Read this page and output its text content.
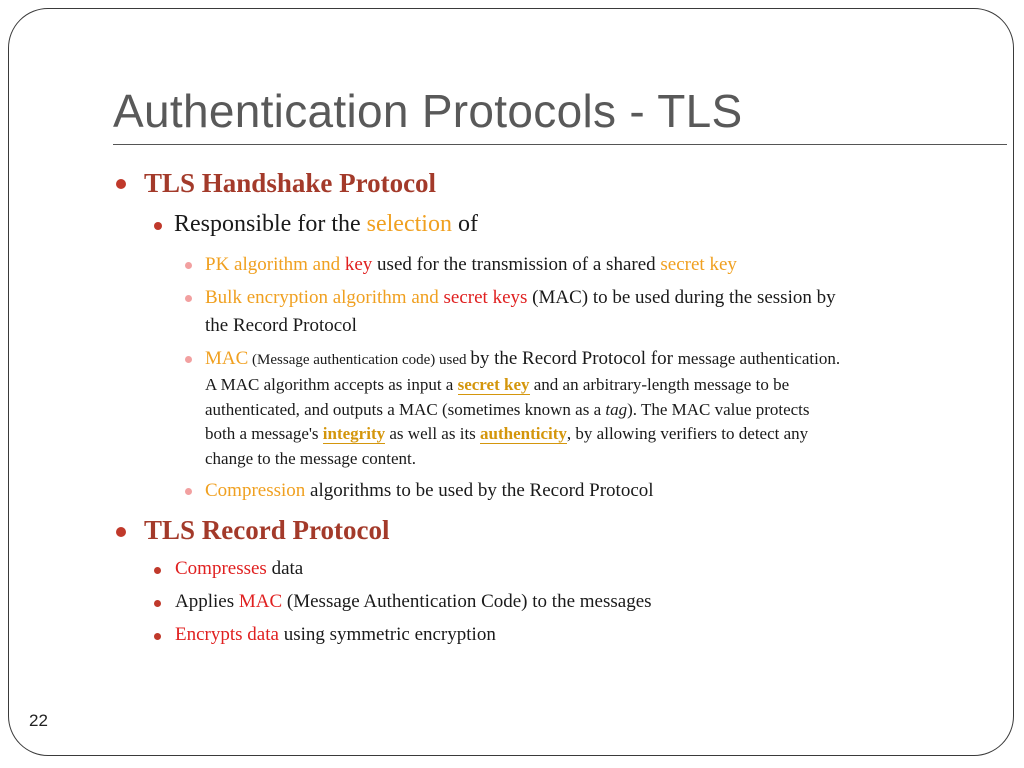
Authentication Protocols - TLS
TLS Handshake Protocol
Responsible for the selection of
PK algorithm and key used for the transmission of a shared secret key
Bulk encryption algorithm and secret keys (MAC) to be used during the session by
the Record Protocol
MAC (Message authentication code) used by the Record Protocol for message authentication.
A MAC algorithm accepts as input a secret key and an arbitrary-length message to be
authenticated, and outputs a MAC (sometimes known as a tag). The MAC value protects
both a message's integrity as well as its authenticity, by allowing verifiers to detect any
change to the message content.
Compression algorithms to be used by the Record Protocol
TLS Record Protocol
Compresses data
Applies MAC (Message Authentication Code) to the messages
Encrypts data using symmetric encryption
22
